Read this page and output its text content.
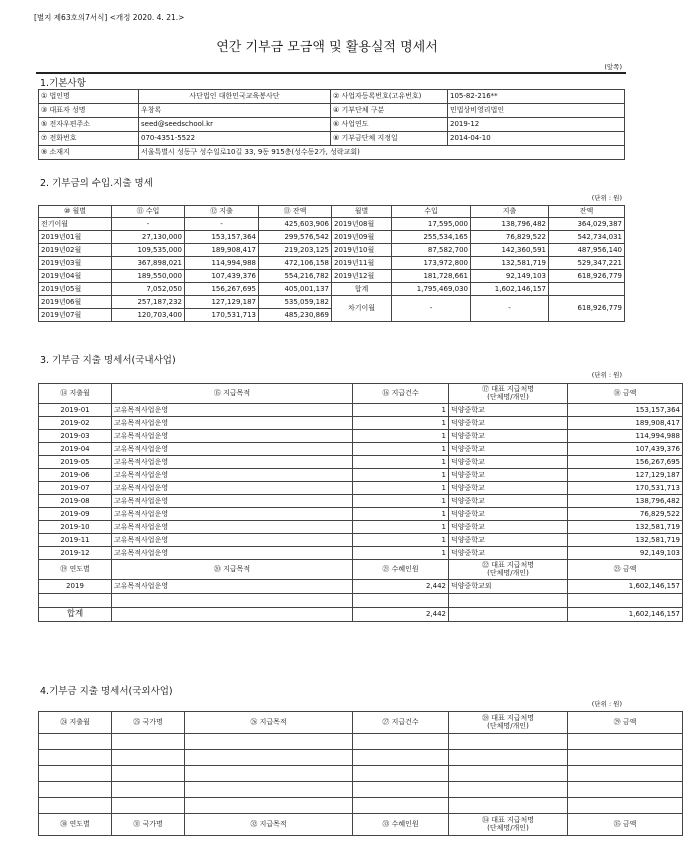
[별지 제63호의7서식] <개정 2020. 4. 21.>
연간 기부금 모금액 및 활용실적 명세서
(앞쪽)
1.기본사항
① 법인명	사단법인 대한민국교육봉사단	② 사업자등록번호(고유번호)	105-82-216**
③ 대표자 성명	우창록	④ 기부단체 구분	민법상비영리법인
⑤ 전자우편주소	seed@seedschool.kr	⑥ 사업연도	2019-12
⑦ 전화번호	070-4351-5522	⑧ 기부금단체 지정일	2014-04-10
⑨ 소재지	서울특별시 성동구 성수일로10길 33, 9동 915층(성수동2가, 성락교회)		
2. 기부금의 수입.지출 명세
(단위 : 원)
⑩ 월별	⑪ 수입	⑫ 지출	⑬ 잔액	월별	수입	지출	잔액
전기이월	-	-	425,603,906	2019년08월	17,595,000	138,796,482	364,029,387
2019년01월	27,130,000	153,157,364	299,576,542	2019년09월	255,534,165	76,829,522	542,734,031
2019년02월	109,535,000	189,908,417	219,203,125	2019년10월	87,582,700	142,360,591	487,956,140
2019년03월	367,898,021	114,994,988	472,106,158	2019년11월	173,972,800	132,581,719	529,347,221
2019년04월	189,550,000	107,439,376	554,216,782	2019년12월	181,728,661	92,149,103	618,926,779
2019년05월	7,052,050	156,267,695	405,001,137	합계	1,795,469,030	1,602,146,157	
2019년06월	257,187,232	127,129,187	535,059,182	차기이월	-	-	618,926,779
2019년07월	120,703,400	170,531,713	485,230,869				
3. 기부금 지출 명세서(국내사업)
(단위 : 원)
⑭ 지출월	⑮ 지급목적	⑯ 지급건수	⑰ 대표 지급처명
(단체명/개인)	⑱ 금액
2019-01	고유목적사업운영	1	덕양중학교	153,157,364
2019-02	고유목적사업운영	1	덕양중학교	189,908,417
2019-03	고유목적사업운영	1	덕양중학교	114,994,988
2019-04	고유목적사업운영	1	덕양중학교	107,439,376
2019-05	고유목적사업운영	1	덕양중학교	156,267,695
2019-06	고유목적사업운영	1	덕양중학교	127,129,187
2019-07	고유목적사업운영	1	덕양중학교	170,531,713
2019-08	고유목적사업운영	1	덕양중학교	138,796,482
2019-09	고유목적사업운영	1	덕양중학교	76,829,522
2019-10	고유목적사업운영	1	덕양중학교	132,581,719
2019-11	고유목적사업운영	1	덕양중학교	132,581,719
2019-12	고유목적사업운영	1	덕양중학교	92,149,103
⑲ 연도별	⑳ 지급목적	㉑ 수혜인원	㉒ 대표 지급처명
(단체명/개인)	㉓ 금액
2019	고유목적사업운영	2,442	덕양중학교외	1,602,146,157

합계		2,442		1,602,146,157
4.기부금 지출 명세서(국외사업)
(단위 : 원)
㉔ 지출월	㉕ 국가명	㉖ 지급목적	㉗ 지급건수	㉘ 대표 지급처명
(단체명/개인)	㉙ 금액

㉚ 연도별	㉛ 국가명	㉜ 지급목적	㉝ 수혜인원	㉞ 대표 지급처명
(단체명/개인)	㉟ 금액
